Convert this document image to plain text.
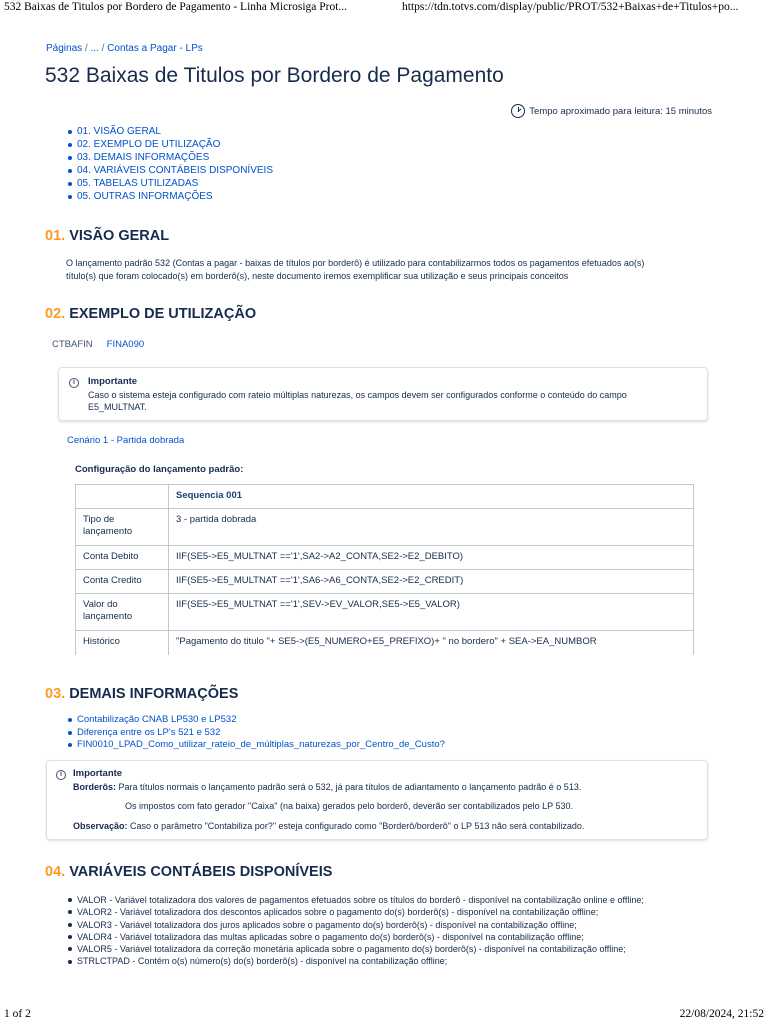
532 Baixas de Titulos por Bordero de Pagamento - Linha Microsiga Prot...	https://tdn.totvs.com/display/public/PROT/532+Baixas+de+Titulos+po...
Páginas / ... / Contas a Pagar - LPs
532 Baixas de Titulos por Bordero de Pagamento
Tempo aproximado para leitura: 15 minutos
01. VISÃO GERAL
02. EXEMPLO DE UTILIZAÇÃO
03. DEMAIS INFORMAÇÕES
04. VARIÁVEIS CONTÁBEIS DISPONÍVEIS
05. TABELAS UTILIZADAS
05. OUTRAS INFORMAÇÕES
01. VISÃO GERAL

O lançamento padrão 532 (Contas a pagar - baixas de títulos por borderô) é utilizado para contabilizarmos todos os pagamentos efetuados ao(s)
título(s) que foram colocado(s) em borderô(s), neste documento iremos exemplificar sua utilização e seus principais conceitos

02. EXEMPLO DE UTILIZAÇÃO
CTBAFIN FINA090
i	Importante
Caso o sistema esteja configurado com rateio múltiplas naturezas, os campos devem ser configurados conforme o conteúdo do campo
E5_MULTNAT.
Cenário 1 - Partida dobrada
Configuração do lançamento padrão:
	Sequencia 001
Tipo de
lançamento	3 - partida dobrada
Conta Debito	IIF(SE5->E5_MULTNAT =='1',SA2->A2_CONTA,SE2->E2_DEBITO)
Conta Credito	IIF(SE5->E5_MULTNAT =='1',SA6->A6_CONTA,SE2->E2_CREDIT)
Valor do
lançamento	IIF(SE5->E5_MULTNAT =='1',SEV->EV_VALOR,SE5->E5_VALOR)
Histórico	"Pagamento do titulo "+ SE5->(E5_NUMERO+E5_PREFIXO)+ " no bordero" + SEA->EA_NUMBOR
03. DEMAIS INFORMAÇÕES
Contabilização CNAB LP530 e LP532
Diferença entre os LP's 521 e 532
FIN0010_LPAD_Como_utilizar_rateio_de_múltiplas_naturezas_por_Centro_de_Custo?
i	Importante
Borderôs: Para títulos normais o lançamento padrão será o 532, já para títulos de adiantamento o lançamento padrão é o 513.
Os impostos com fato gerador "Caixa" (na baixa) gerados pelo borderô, deverão ser contabilizados pelo LP 530.
Observação: Caso o parâmetro "Contabiliza por?" esteja configurado como "Borderô/borderô" o LP 513 não será contabilizado.
04. VARIÁVEIS CONTÁBEIS DISPONÍVEIS
VALOR - Variável totalizadora dos valores de pagamentos efetuados sobre os títulos do borderô - disponível na contabilização online e offline;
VALOR2 - Variável totalizadora dos descontos aplicados sobre o pagamento do(s) borderô(s) - disponível na contabilização offline;
VALOR3 - Variável totalizadora dos juros aplicados sobre o pagamento do(s) borderô(s) - disponível na contabilização offline;
VALOR4 - Variável totalizadora das multas aplicadas sobre o pagamento do(s) borderô(s) - disponível na contabilização offline;
VALOR5 - Variável totalizadora da correção monetária aplicada sobre o pagamento do(s) borderô(s) - disponível na contabilização offline;
STRLCTPAD - Contém o(s) número(s) do(s) borderô(s) - disponível na contabilização offline;
1 of 2	22/08/2024, 21:52
